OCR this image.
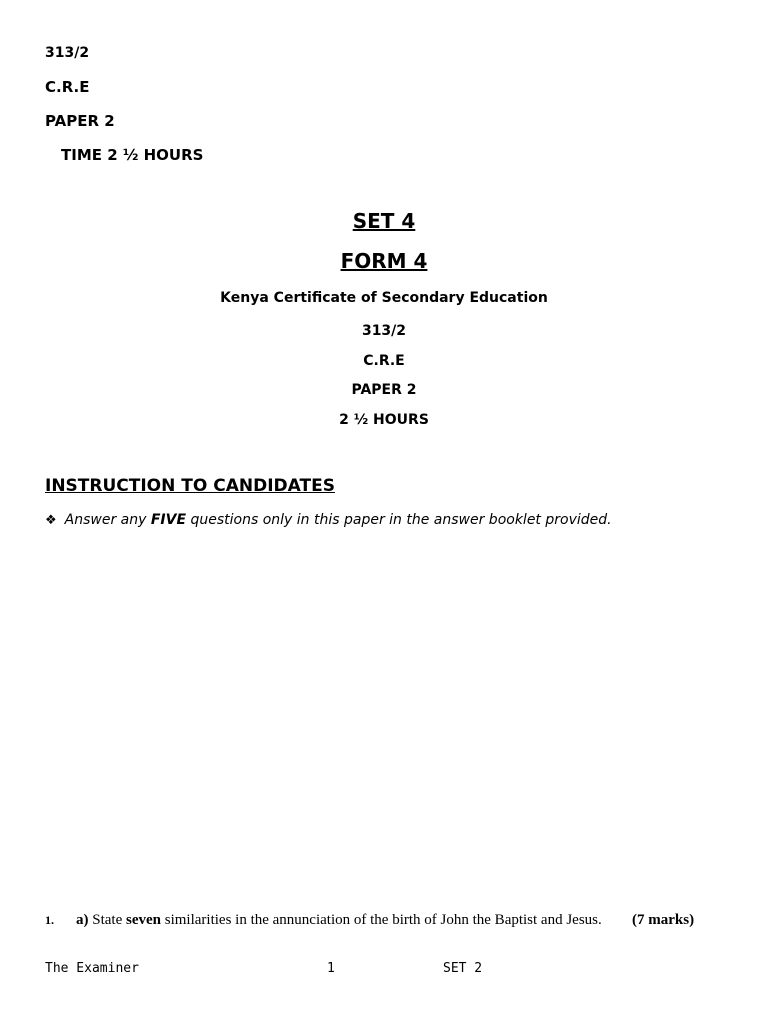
313/2
C.R.E
PAPER 2
TIME 2 ½ HOURS
SET 4
FORM 4
Kenya Certificate of Secondary Education
313/2
C.R.E
PAPER 2
2 ½ HOURS
INSTRUCTION TO CANDIDATES
❖ Answer any FIVE questions only in this paper in the answer booklet provided.
1. a) State seven similarities in the annunciation of the birth of John the Baptist and Jesus. (7 marks)
The Examiner	1	SET 2
